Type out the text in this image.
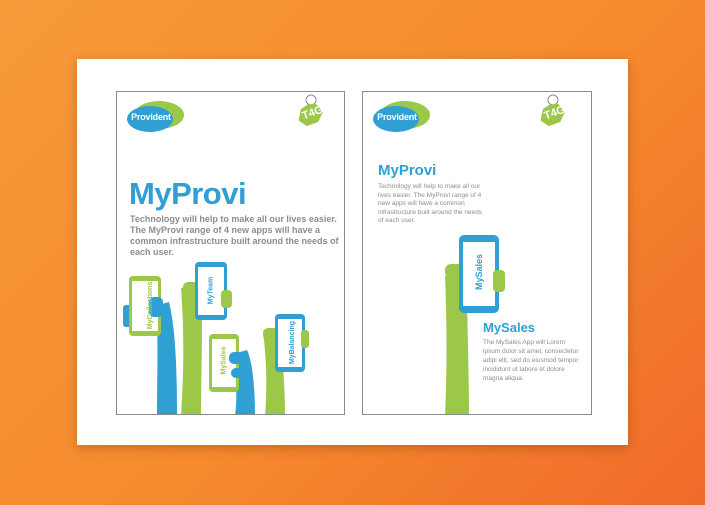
Provident	T4G
MyProvi

Technology will help to make all our lives easier. The MyProvi range of 4 new apps will have a common infrastructure built around the needs of each user.

MyCollections	MyTeam
MySales	MyBalancing
Provident	T4G
MyProvi

Technology will help to make all our lives easier. The MyProvi range of 4 new apps will have a common infrastructure built around the needs of each user.

MySales
MySales

The MySales App will Lorem ipsum dolor sit amet, consectetur adipi elit, sed do eiusmod tempor incididunt ut labore et dolore magna aliqua.
